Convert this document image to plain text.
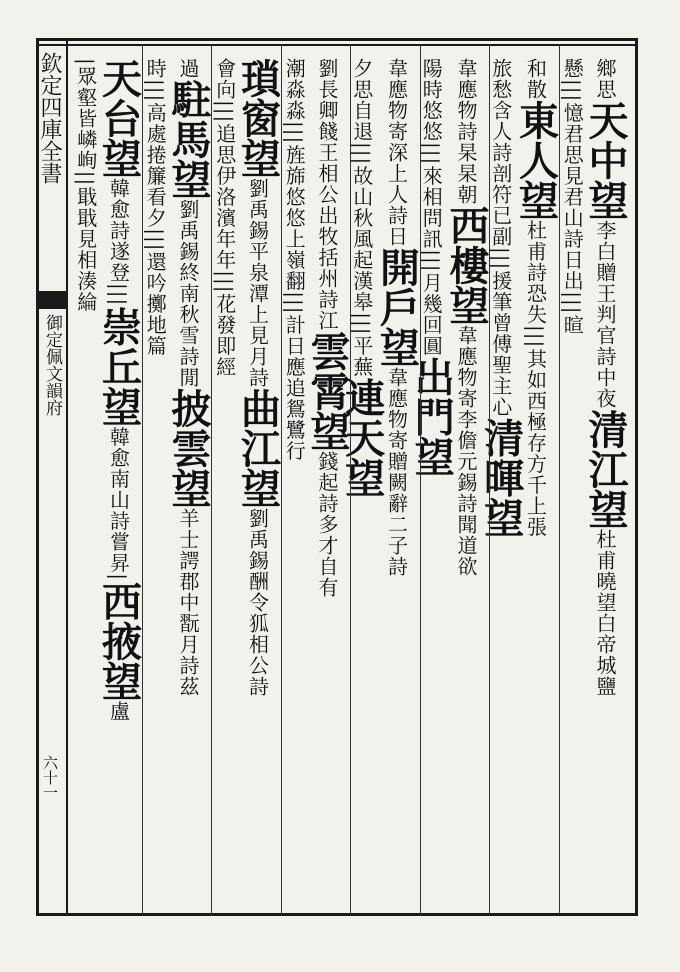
欽定四庫全書
御定佩文韻府
六十一
鄉思天中望李白贈王判官詩中夜清江望杜甫曉望白帝城鹽
懸|||憶君思見君山詩日出|||暄
和散東人望杜甫詩恐失|||其如西極存方千上張
旅愁含人詩剖符已副|||援筆曾傅聖主心清暉望
韋應物詩杲杲朝西樓望韋應物寄李儋元錫詩聞道欲
陽時悠悠|||來相問訊|||月幾回圓出門望
韋應物寄深上人詩日開戶望韋應物寄贈闕辭二子詩
夕思自退|||故山秋風起漢皋|||平蕪連天望
劉長卿餞王相公出牧括州詩江雲霄望錢起詩多才自有
潮淼淼|||旌旆悠悠上嶺翻|||計日應追鴛鷺行
瑣窗望劉禹錫平泉潭上見月詩曲江望劉禹錫酬令狐相公詩
會向|||追思伊洛濱年年|||花發即經
過駐馬望劉禹錫終南秋雪詩閒披雲望羊士諤郡中翫月詩茲
時|||高處捲簾看夕|||還吟擲地篇
天台望韓愈詩遂登|||崇丘望韓愈南山詩嘗昇|西掖望盧
|眾壑皆嶙峋||戢戢見相湊綸
